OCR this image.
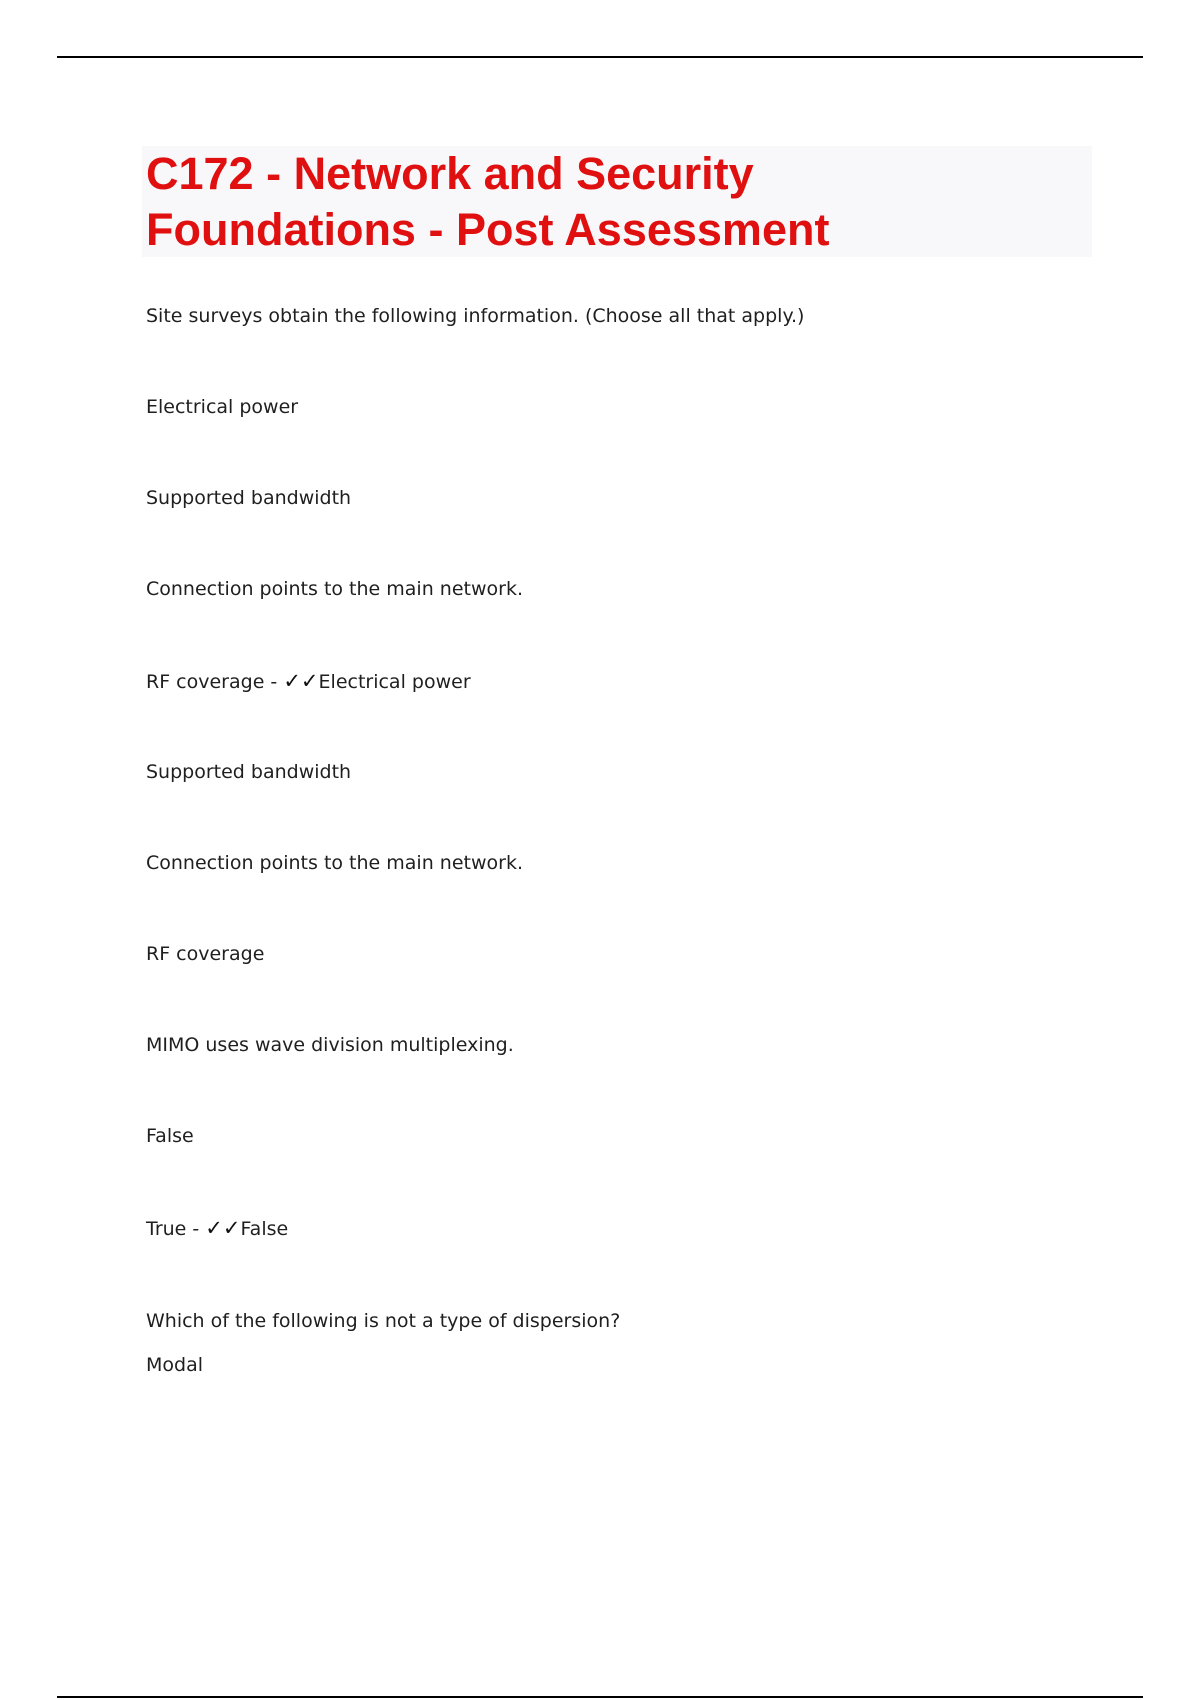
C172 - Network and Security
Foundations - Post Assessment
Site surveys obtain the following information. (Choose all that apply.)
Electrical power
Supported bandwidth
Connection points to the main network.
RF coverage - ✓✓Electrical power
Supported bandwidth
Connection points to the main network.
RF coverage
MIMO uses wave division multiplexing.
False
True - ✓✓False
Which of the following is not a type of dispersion?
Modal
